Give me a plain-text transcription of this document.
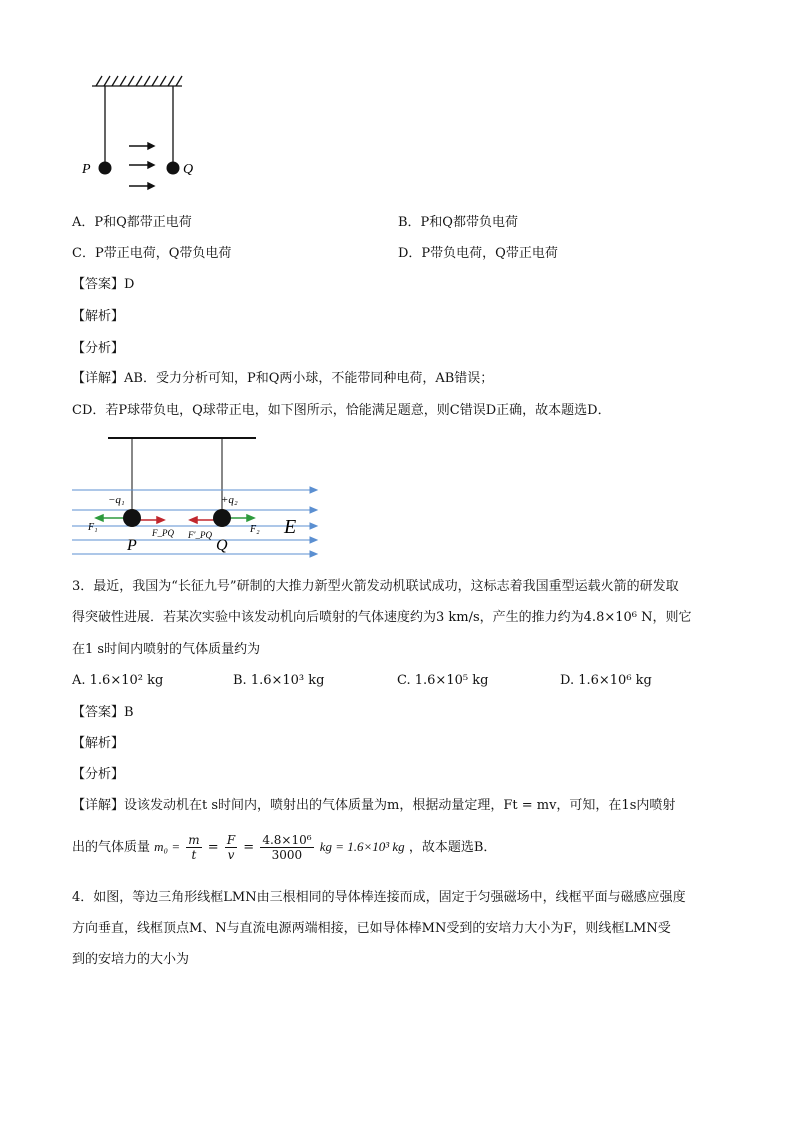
P	Q
A．P和Q都带正电荷	B．P和Q都带负电荷
C．P带正电荷，Q带负电荷	D．P带负电荷，Q带正电荷
【答案】D
【解析】
【分析】
【详解】AB．受力分析可知，P和Q两小球，不能带同种电荷，AB错误；
CD．若P球带负电，Q球带正电，如下图所示，恰能满足题意，则C错误D正确，故本题选D．
−q₁	+q₂
F₁	F_PQ F′_PQ	F₂
P	Q
E
3．最近，我国为“长征九号”研制的大推力新型火箭发动机联试成功，这标志着我国重型运载火箭的研发取
得突破性进展．若某次实验中该发动机向后喷射的气体速度约为3 km/s，产生的推力约为4.8×10⁶ N，则它
在1 s时间内喷射的气体质量约为
A. 1.6×10² kg	B. 1.6×10³ kg	C. 1.6×10⁵ kg	D. 1.6×10⁶ kg
【答案】B
【解析】
【分析】
【详解】设该发动机在t s时间内，喷射出的气体质量为m，根据动量定理，Ft = mv，可知，在1s内喷射
出的气体质量 $m_0 = \frac{m}{t} = \frac{F}{v} = \frac{\text{4.8×10⁶}}{3000}$ kg = 1.6×10³ kg ，故本题选B．
4．如图，等边三角形线框LMN由三根相同的导体棒连接而成，固定于匀强磁场中，线框平面与磁感应强度
方向垂直，线框顶点M、N与直流电源两端相接，已如导体棒MN受到的安培力大小为F，则线框LMN受
到的安培力的大小为
